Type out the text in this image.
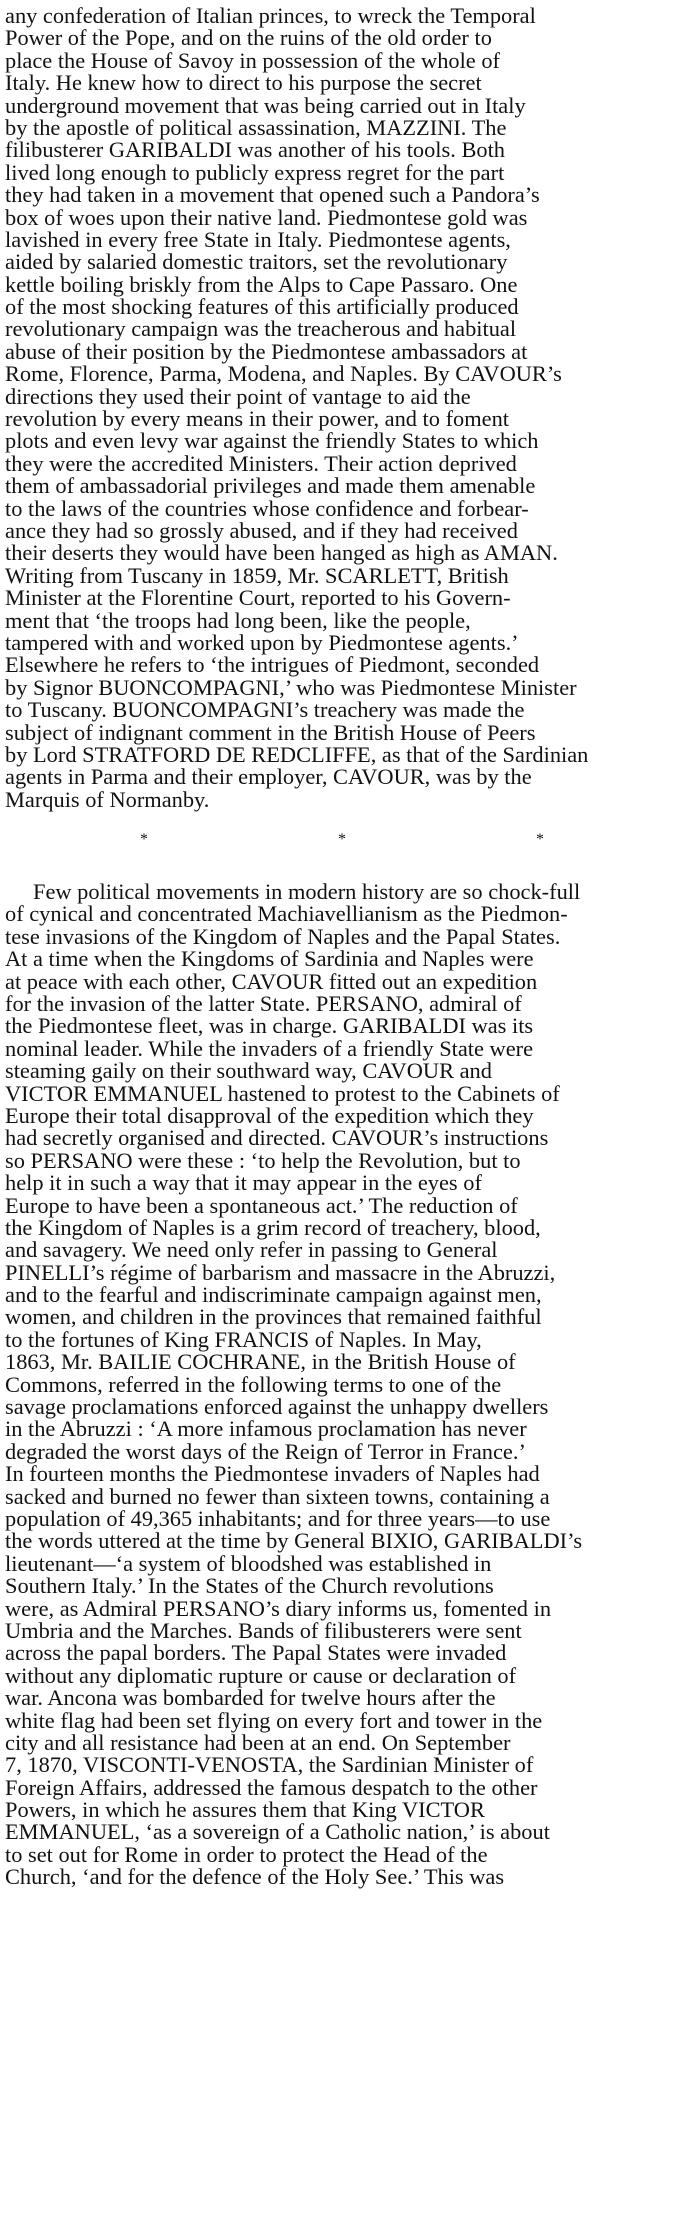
any confederation of Italian princes, to wreck the Temporal
Power of the Pope, and on the ruins of the old order to
place the House of Savoy in possession of the whole of
Italy. He knew how to direct to his purpose the secret
underground movement that was being carried out in Italy
by the apostle of political assassination, MAZZINI. The
filibusterer GARIBALDI was another of his tools. Both
lived long enough to publicly express regret for the part
they had taken in a movement that opened such a Pandora’s
box of woes upon their native land. Piedmontese gold was
lavished in every free State in Italy. Piedmontese agents,
aided by salaried domestic traitors, set the revolutionary
kettle boiling briskly from the Alps to Cape Passaro. One
of the most shocking features of this artificially produced
revolutionary campaign was the treacherous and habitual
abuse of their position by the Piedmontese ambassadors at
Rome, Florence, Parma, Modena, and Naples. By CAVOUR’s
directions they used their point of vantage to aid the
revolution by every means in their power, and to foment
plots and even levy war against the friendly States to which
they were the accredited Ministers. Their action deprived
them of ambassadorial privileges and made them amenable
to the laws of the countries whose confidence and forbear-
ance they had so grossly abused, and if they had received
their deserts they would have been hanged as high as AMAN.
Writing from Tuscany in 1859, Mr. SCARLETT, British
Minister at the Florentine Court, reported to his Govern-
ment that ‘the troops had long been, like the people,
tampered with and worked upon by Piedmontese agents.’
Elsewhere he refers to ‘the intrigues of Piedmont, seconded
by Signor BUONCOMPAGNI,’ who was Piedmontese Minister
to Tuscany. BUONCOMPAGNI’s treachery was made the
subject of indignant comment in the British House of Peers
by Lord STRATFORD DE REDCLIFFE, as that of the Sardinian
agents in Parma and their employer, CAVOUR, was by the
Marquis of Normanby.

*	*	*

Few political movements in modern history are so chock-full
of cynical and concentrated Machiavellianism as the Piedmon-
tese invasions of the Kingdom of Naples and the Papal States.
At a time when the Kingdoms of Sardinia and Naples were
at peace with each other, CAVOUR fitted out an expedition
for the invasion of the latter State. PERSANO, admiral of
the Piedmontese fleet, was in charge. GARIBALDI was its
nominal leader. While the invaders of a friendly State were
steaming gaily on their southward way, CAVOUR and
VICTOR EMMANUEL hastened to protest to the Cabinets of
Europe their total disapproval of the expedition which they
had secretly organised and directed. CAVOUR’s instructions
so PERSANO were these : ‘to help the Revolution, but to
help it in such a way that it may appear in the eyes of
Europe to have been a spontaneous act.’ The reduction of
the Kingdom of Naples is a grim record of treachery, blood,
and savagery. We need only refer in passing to General
PINELLI’s régime of barbarism and massacre in the Abruzzi,
and to the fearful and indiscriminate campaign against men,
women, and children in the provinces that remained faithful
to the fortunes of King FRANCIS of Naples. In May,
1863, Mr. BAILIE COCHRANE, in the British House of
Commons, referred in the following terms to one of the
savage proclamations enforced against the unhappy dwellers
in the Abruzzi : ‘A more infamous proclamation has never
degraded the worst days of the Reign of Terror in France.’
In fourteen months the Piedmontese invaders of Naples had
sacked and burned no fewer than sixteen towns, containing a
population of 49,365 inhabitants; and for three years—to use
the words uttered at the time by General BIXIO, GARIBALDI’s
lieutenant—‘a system of bloodshed was established in
Southern Italy.’ In the States of the Church revolutions
were, as Admiral PERSANO’s diary informs us, fomented in
Umbria and the Marches. Bands of filibusterers were sent
across the papal borders. The Papal States were invaded
without any diplomatic rupture or cause or declaration of
war. Ancona was bombarded for twelve hours after the
white flag had been set flying on every fort and tower in the
city and all resistance had been at an end. On September
7, 1870, VISCONTI-VENOSTA, the Sardinian Minister of
Foreign Affairs, addressed the famous despatch to the other
Powers, in which he assures them that King VICTOR
EMMANUEL, ‘as a sovereign of a Catholic nation,’ is about
to set out for Rome in order to protect the Head of the
Church, ‘and for the defence of the Holy See.’ This was
